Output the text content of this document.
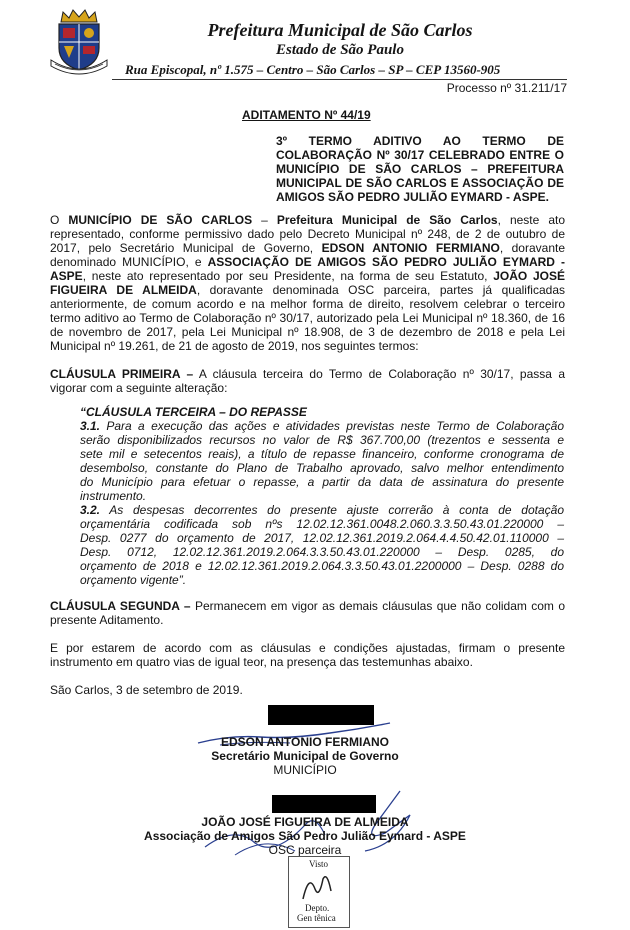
Prefeitura Municipal de São Carlos
Estado de São Paulo
Rua Episcopal, nº 1.575 – Centro – São Carlos – SP – CEP 13560-905
Processo nº 31.211/17
ADITAMENTO Nº 44/19
3º TERMO ADITIVO AO TERMO DE
COLABORAÇÃO Nº 30/17 CELEBRADO ENTRE O
MUNICÍPIO DE SÃO CARLOS – PREFEITURA
MUNICIPAL DE SÃO CARLOS E ASSOCIAÇÃO DE
AMIGOS SÃO PEDRO JULIÃO EYMARD - ASPE.
O MUNICÍPIO DE SÃO CARLOS – Prefeitura Municipal de São Carlos, neste ato
representado, conforme permissivo dado pelo Decreto Municipal nº 248, de 2 de outubro de
2017, pelo Secretário Municipal de Governo, EDSON ANTONIO FERMIANO, doravante
denominado MUNICÍPIO, e ASSOCIAÇÃO DE AMIGOS SÃO PEDRO JULIÃO EYMARD -
ASPE, neste ato representado por seu Presidente, na forma de seu Estatuto, JOÃO JOSÉ
FIGUEIRA DE ALMEIDA, doravante denominada OSC parceira, partes já qualificadas
anteriormente, de comum acordo e na melhor forma de direito, resolvem celebrar o terceiro
termo aditivo ao Termo de Colaboração nº 30/17, autorizado pela Lei Municipal nº 18.360, de 16
de novembro de 2017, pela Lei Municipal nº 18.908, de 3 de dezembro de 2018 e pela Lei
Municipal nº 19.261, de 21 de agosto de 2019, nos seguintes termos:
CLÁUSULA PRIMEIRA – A cláusula terceira do Termo de Colaboração nº 30/17, passa a
vigorar com a seguinte alteração:
“CLÁUSULA TERCEIRA – DO REPASSE
3.1. Para a execução das ações e atividades previstas neste Termo de Colaboração
serão disponibilizados recursos no valor de R$ 367.700,00 (trezentos e sessenta e
sete mil e setecentos reais), a título de repasse financeiro, conforme cronograma de
desembolso, constante do Plano de Trabalho aprovado, salvo melhor entendimento
do Município para efetuar o repasse, a partir da data de assinatura do presente
instrumento.
3.2. As despesas decorrentes do presente ajuste correrão à conta de dotação
orçamentária codificada sob nºs 12.02.12.361.0048.2.060.3.3.50.43.01.220000 –
Desp. 0277 do orçamento de 2017, 12.02.12.361.2019.2.064.4.4.50.42.01.110000 –
Desp. 0712, 12.02.12.361.2019.2.064.3.3.50.43.01.220000 – Desp. 0285, do
orçamento de 2018 e 12.02.12.361.2019.2.064.3.3.50.43.01.2200000 – Desp. 0288 do
orçamento vigente”.
CLÁUSULA SEGUNDA – Permanecem em vigor as demais cláusulas que não colidam com o
presente Aditamento.
E por estarem de acordo com as cláusulas e condições ajustadas, firmam o presente
instrumento em quatro vias de igual teor, na presença das testemunhas abaixo.
São Carlos, 3 de setembro de 2019.
EDSON ANTONIO FERMIANO
Secretário Municipal de Governo
MUNICÍPIO
JOÃO JOSÉ FIGUEIRA DE ALMEIDA
Associação de Amigos São Pedro Julião Eymard - ASPE
OSC parceira
Visto
Depto.
Gen tênica
